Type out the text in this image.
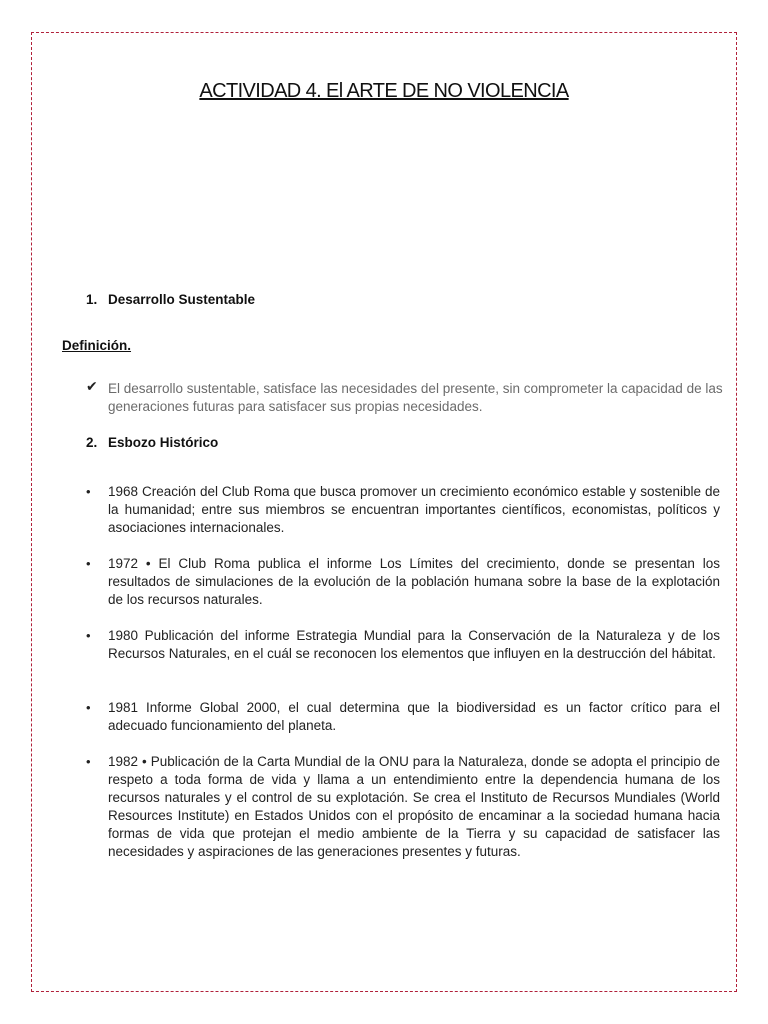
ACTIVIDAD 4. El ARTE DE NO VIOLENCIA
1. Desarrollo Sustentable
Definición.
✔ El desarrollo sustentable, satisface las necesidades del presente, sin comprometer la capacidad de las generaciones futuras para satisfacer sus propias necesidades.
2. Esbozo Histórico
• 1968 Creación del Club Roma que busca promover un crecimiento económico estable y sostenible de la humanidad; entre sus miembros se encuentran importantes científicos, economistas, políticos y asociaciones internacionales.
• 1972 • El Club Roma publica el informe Los Límites del crecimiento, donde se presentan los resultados de simulaciones de la evolución de la población humana sobre la base de la explotación de los recursos naturales.
• 1980 Publicación del informe Estrategia Mundial para la Conservación de la Naturaleza y de los Recursos Naturales, en el cuál se reconocen los elementos que influyen en la destrucción del hábitat.
• 1981 Informe Global 2000, el cual determina que la biodiversidad es un factor crítico para el adecuado funcionamiento del planeta.
• 1982 • Publicación de la Carta Mundial de la ONU para la Naturaleza, donde se adopta el principio de respeto a toda forma de vida y llama a un entendimiento entre la dependencia humana de los recursos naturales y el control de su explotación. Se crea el Instituto de Recursos Mundiales (World Resources Institute) en Estados Unidos con el propósito de encaminar a la sociedad humana hacia formas de vida que protejan el medio ambiente de la Tierra y su capacidad de satisfacer las necesidades y aspiraciones de las generaciones presentes y futuras.
